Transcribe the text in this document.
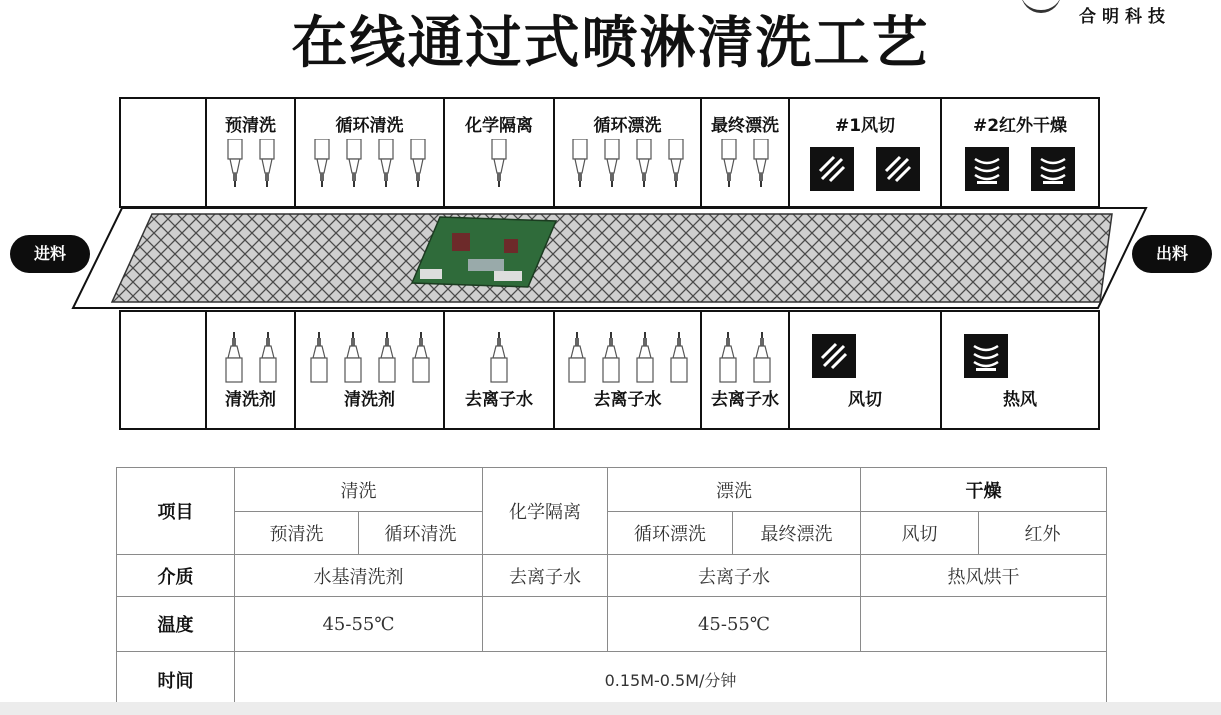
在线通过式喷淋清洗工艺	合明科技
预清洗	循环清洗	化学隔离	循环漂洗	最终漂洗	#1风切	#2红外干燥
清洗剂	清洗剂	去离子水	去离子水	去离子水	风切	热风
进料	出料
项目	清洗		化学隔离	漂洗		干燥	
	预清洗	循环清洗		循环漂洗	最终漂洗	风切	红外
介质	水基清洗剂		去离子水	去离子水		热风烘干	
温度	45-55℃			45-55℃			
时间	0.15M-0.5M/分钟						
